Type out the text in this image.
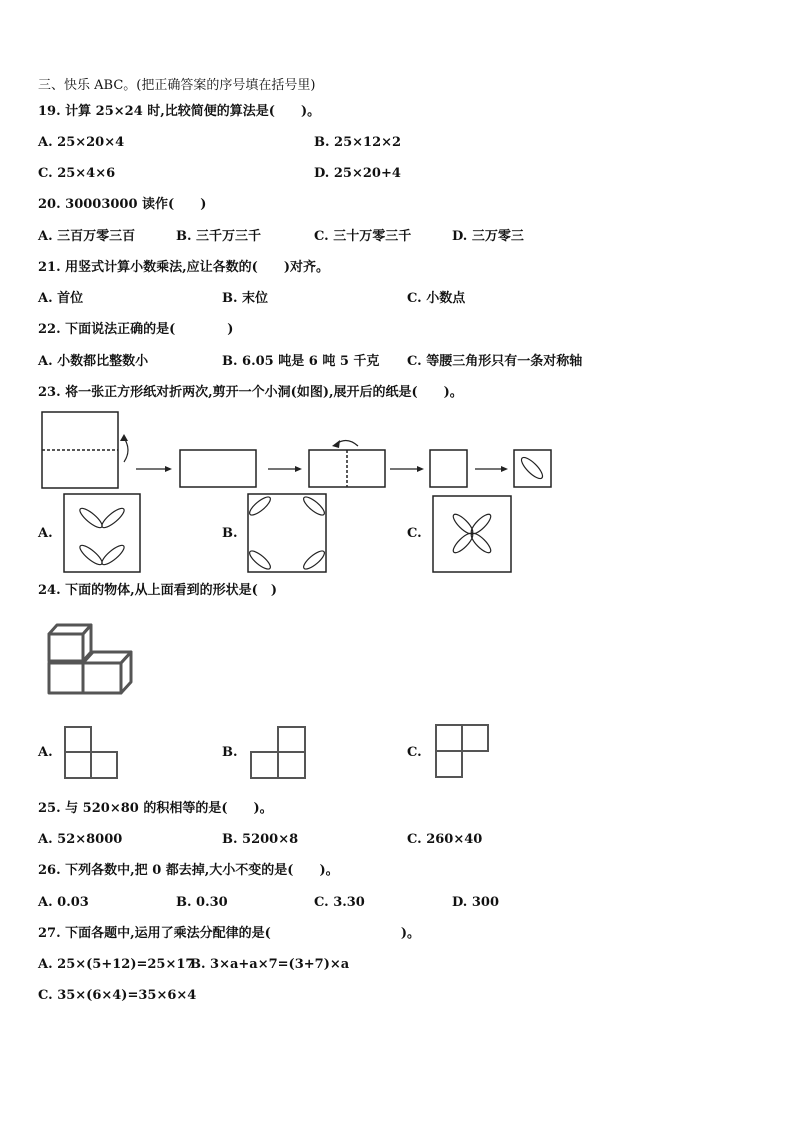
三、快乐 ABC。(把正确答案的序号填在括号里)
19. 计算 25×24 时,比较简便的算法是(　　)。
A. 25×20×4	B. 25×12×2
C. 25×4×6	D. 25×20+4
20. 30003000 读作(　　)
A. 三百万零三百	B. 三千万三千	C. 三十万零三千	D. 三万零三
21. 用竖式计算小数乘法,应让各数的(　　)对齐。
A. 首位	B. 末位	C. 小数点
22. 下面说法正确的是(　　　　)
A. 小数都比整数小	B. 6.05 吨是 6 吨 5 千克 C. 等腰三角形只有一条对称轴
23. 将一张正方形纸对折两次,剪开一个小洞(如图),展开后的纸是(　　)。
A.	B.	C.
24. 下面的物体,从上面看到的形状是(　)
A.	B.	C.
25. 与 520×80 的积相等的是(　　)。
A. 52×8000	B. 5200×8	C. 260×40
26. 下列各数中,把 0 都去掉,大小不变的是(　　)。
A. 0.03	B. 0.30	C. 3.30	D. 300
27. 下面各题中,运用了乘法分配律的是(　　　　　　　　　　)。
A. 25×(5+12)=25×17
B. 3×a+a×7=(3+7)×a
C. 35×(6×4)=35×6×4
